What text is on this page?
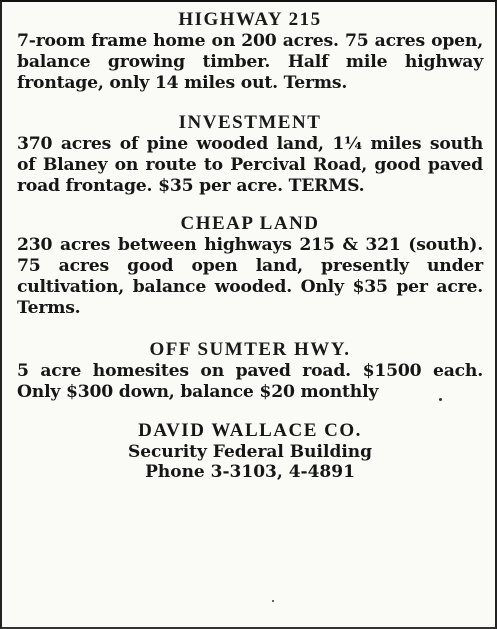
HIGHWAY 215

7-room frame home on 200 acres. 75 acres open, balance growing timber. Half mile highway frontage, only 14 miles out. Terms.

INVESTMENT

370 acres of pine wooded land, 1¼ miles south of Blaney on route to Percival Road, good paved road frontage. $35 per acre. TERMS.

CHEAP LAND

230 acres between highways 215 & 321 (south). 75 acres good open land, presently under cultivation, balance wooded. Only $35 per acre. Terms.

OFF SUMTER HWY.

5 acre homesites on paved road. $1500 each. Only $300 down, balance $20 monthly

DAVID WALLACE CO.
Security Federal Building
Phone 3-3103, 4-4891
